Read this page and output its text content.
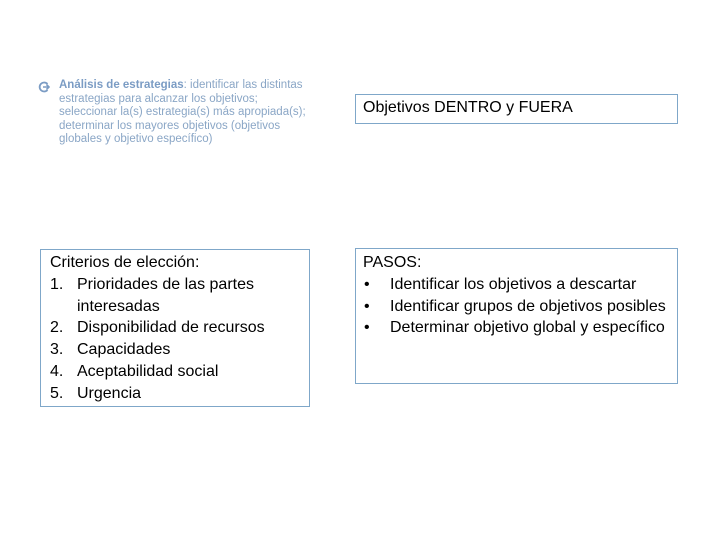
Análisis de estrategias: identificar las distintas estrategias para alcanzar los objetivos; seleccionar la(s) estrategia(s) más apropiada(s); determinar los mayores objetivos (objetivos globales y objetivo específico)
Objetivos DENTRO y FUERA
Criterios de elección:
1. Prioridades de las partes interesadas
2. Disponibilidad de recursos
3. Capacidades
4. Aceptabilidad social
5. Urgencia
PASOS:
•	Identificar los objetivos a descartar
•	Identificar grupos de objetivos posibles
•	Determinar objetivo global y específico
